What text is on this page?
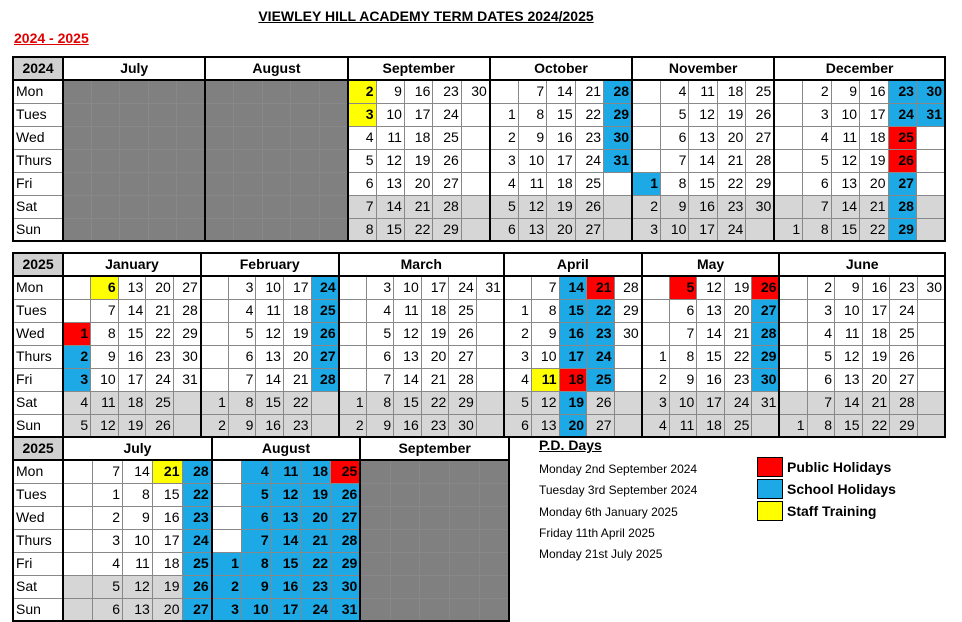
VIEWLEY HILL ACADEMY TERM DATES 2024/2025
2024 - 2025
2024	July					August					September					October					November					December					
Mon											2	9	16	23	30		7	14	21	28		4	11	18	25		2	9	16	23	30
Tues											3	10	17	24		1	8	15	22	29		5	12	19	26		3	10	17	24	31
Wed											4	11	18	25		2	9	16	23	30		6	13	20	27		4	11	18	25	
Thurs											5	12	19	26		3	10	17	24	31		7	14	21	28		5	12	19	26	
Fri											6	13	20	27		4	11	18	25		1	8	15	22	29		6	13	20	27	
Sat											7	14	21	28		5	12	19	26		2	9	16	23	30		7	14	21	28	
Sun											8	15	22	29		6	13	20	27		3	10	17	24		1	8	15	22	29	
2025	January					February					March						April					May					June					
Mon		6	13	20	27		3	10	17	24		3	10	17	24	31		7	14	21	28		5	12	19	26		2	9	16	23	30
Tues		7	14	21	28		4	11	18	25		4	11	18	25		1	8	15	22	29		6	13	20	27		3	10	17	24	
Wed	1	8	15	22	29		5	12	19	26		5	12	19	26		2	9	16	23	30		7	14	21	28		4	11	18	25	
Thurs	2	9	16	23	30		6	13	20	27		6	13	20	27		3	10	17	24		1	8	15	22	29		5	12	19	26	
Fri	3	10	17	24	31		7	14	21	28		7	14	21	28		4	11	18	25		2	9	16	23	30		6	13	20	27	
Sat	4	11	18	25		1	8	15	22		1	8	15	22	29		5	12	19	26		3	10	17	24	31		7	14	21	28	
Sun	5	12	19	26		2	9	16	23		2	9	16	23	30		6	13	20	27		4	11	18	25		1	8	15	22	29	
2025	July					August					September				
Mon		7	14	21	28		4	11	18	25					
Tues		1	8	15	22		5	12	19	26					
Wed		2	9	16	23		6	13	20	27					
Thurs		3	10	17	24		7	14	21	28					
Fri		4	11	18	25	1	8	15	22	29					
Sat		5	12	19	26	2	9	16	23	30					
Sun		6	13	20	27	3	10	17	24	31					
P.D. Days
Monday 2nd September 2024
Tuesday 3rd September 2024
Monday 6th January 2025
Friday 11th April 2025
Monday 21st July 2025
Public Holidays
School Holidays
Staff Training
